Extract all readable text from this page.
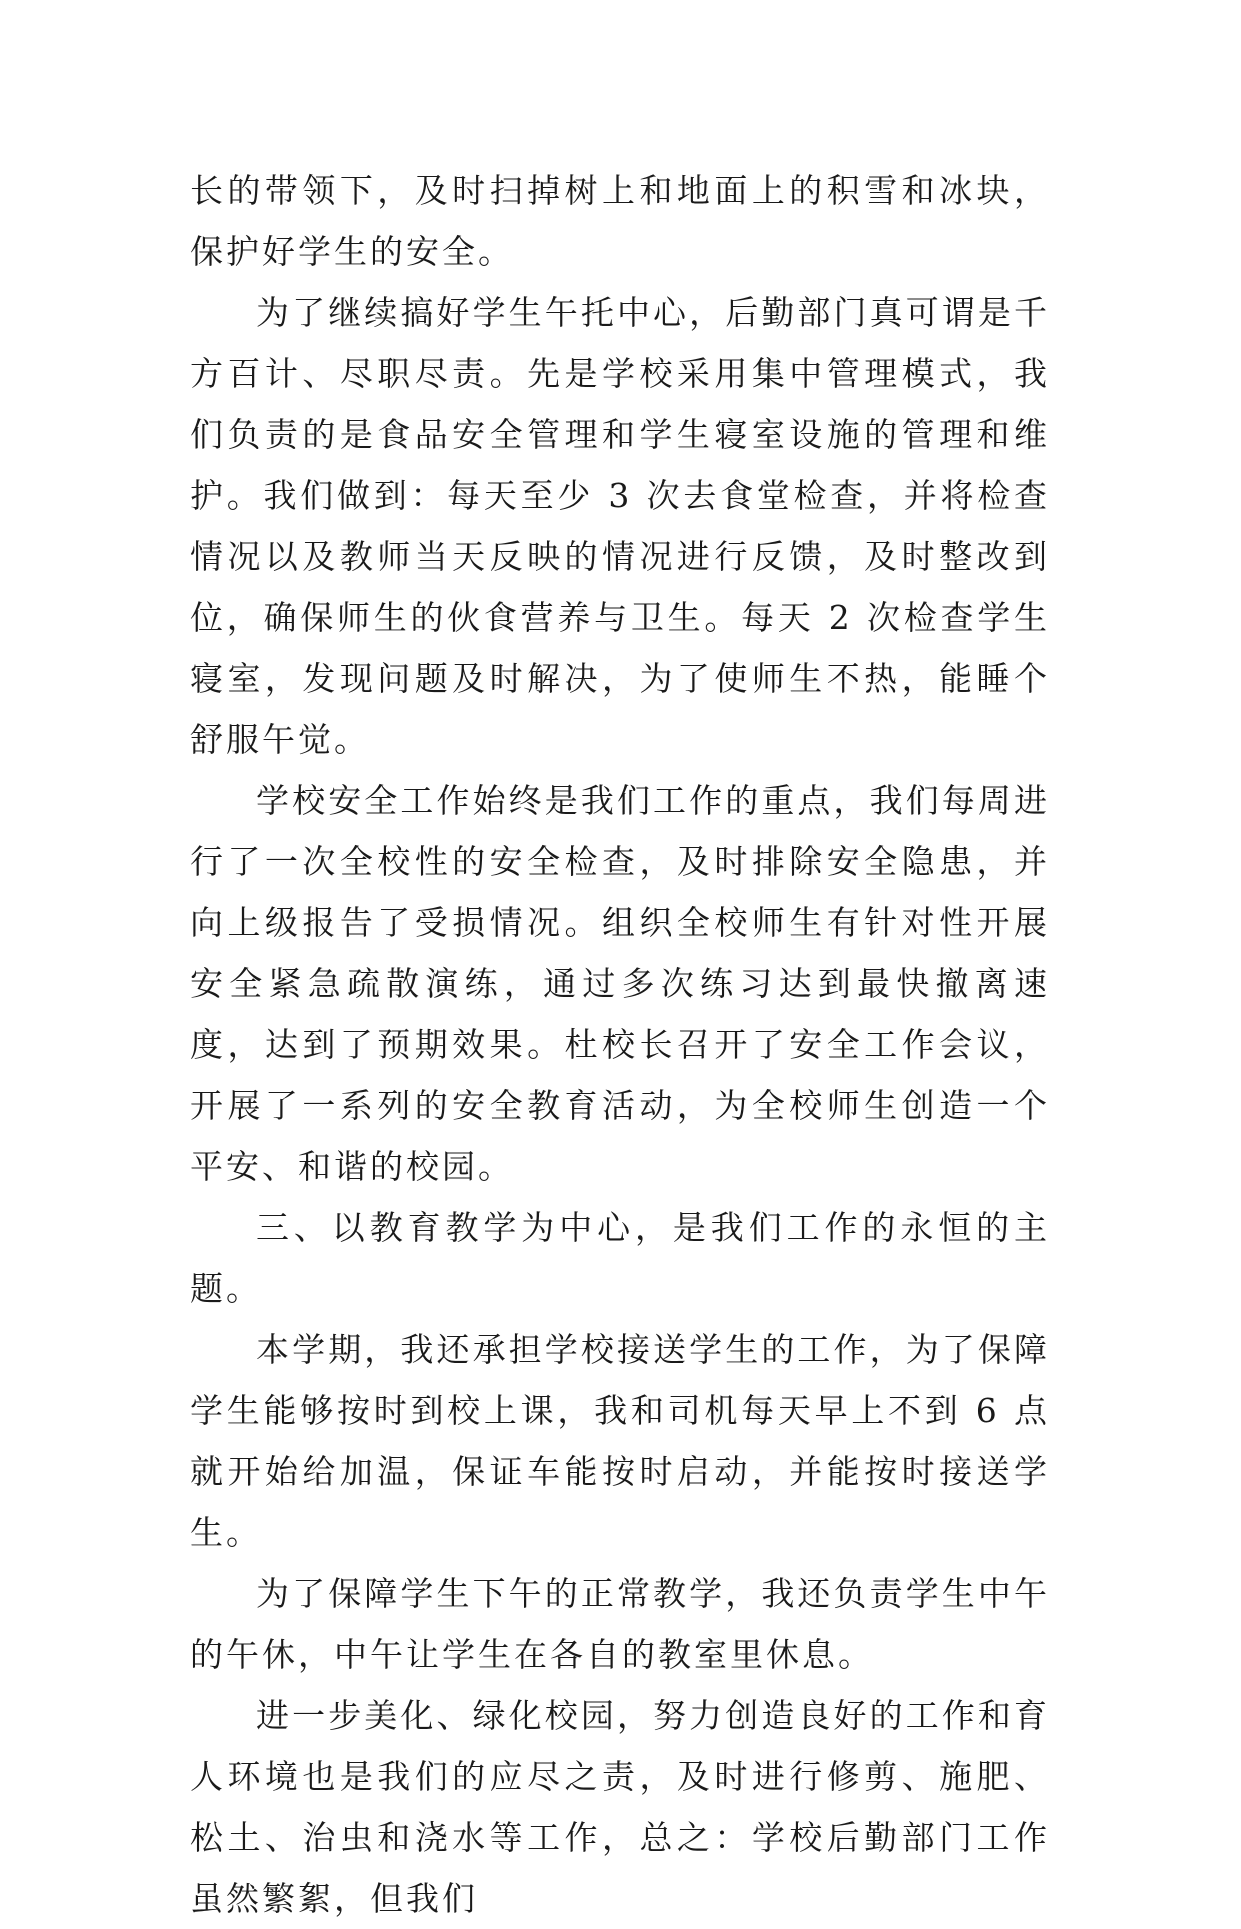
长的带领下，及时扫掉树上和地面上的积雪和冰块，保护好学生的安全。

为了继续搞好学生午托中心，后勤部门真可谓是千方百计、尽职尽责。先是学校采用集中管理模式，我们负责的是食品安全管理和学生寝室设施的管理和维护。我们做到：每天至少 3 次去食堂检查，并将检查情况以及教师当天反映的情况进行反馈，及时整改到位，确保师生的伙食营养与卫生。每天 2 次检查学生寝室，发现问题及时解决，为了使师生不热，能睡个舒服午觉。

学校安全工作始终是我们工作的重点，我们每周进行了一次全校性的安全检查，及时排除安全隐患，并向上级报告了受损情况。组织全校师生有针对性开展安全紧急疏散演练，通过多次练习达到最快撤离速度，达到了预期效果。杜校长召开了安全工作会议，开展了一系列的安全教育活动，为全校师生创造一个平安、和谐的校园。

三、以教育教学为中心，是我们工作的永恒的主题。

本学期，我还承担学校接送学生的工作，为了保障学生能够按时到校上课，我和司机每天早上不到 6 点就开始给加温，保证车能按时启动，并能按时接送学生。

为了保障学生下午的正常教学，我还负责学生中午的午休，中午让学生在各自的教室里休息。

进一步美化、绿化校园，努力创造良好的工作和育人环境也是我们的应尽之责，及时进行修剪、施肥、松土、治虫和浇水等工作，总之：学校后勤部门工作虽然繁絮，但我们
